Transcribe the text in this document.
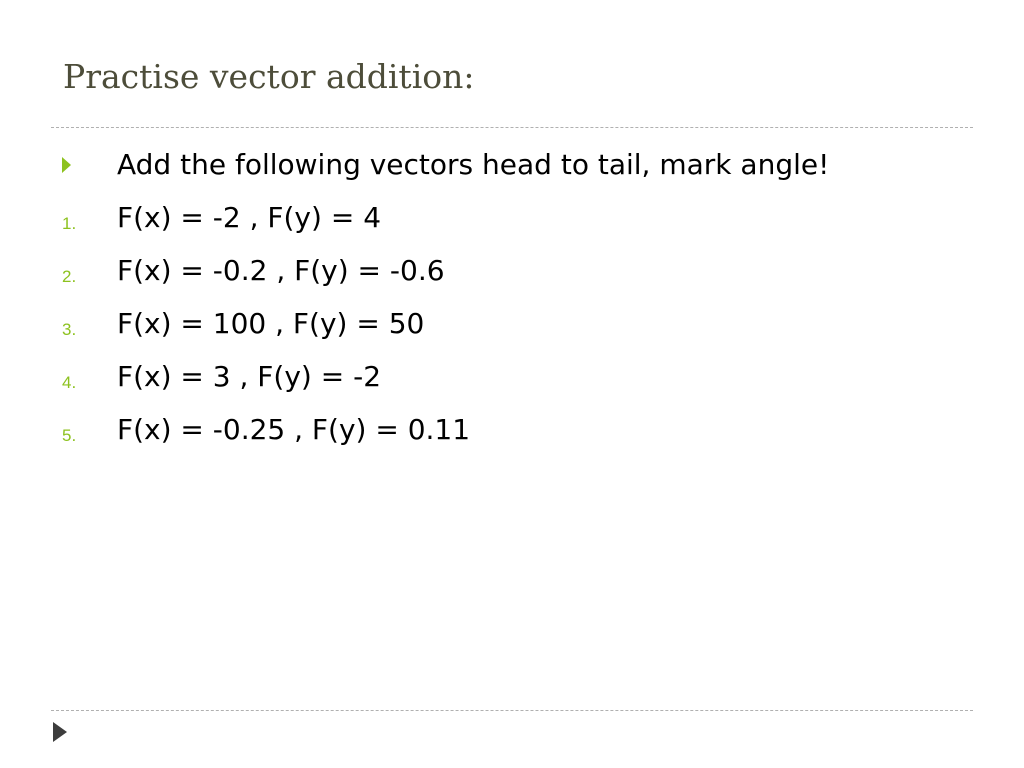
Practise vector addition:
Add the following vectors head to tail, mark angle!
1. F(x) = -2 , F(y) = 4
2. F(x) = -0.2 , F(y) = -0.6
3. F(x) = 100 , F(y) = 50
4. F(x) = 3 , F(y) = -2
5. F(x) = -0.25 , F(y) = 0.11
